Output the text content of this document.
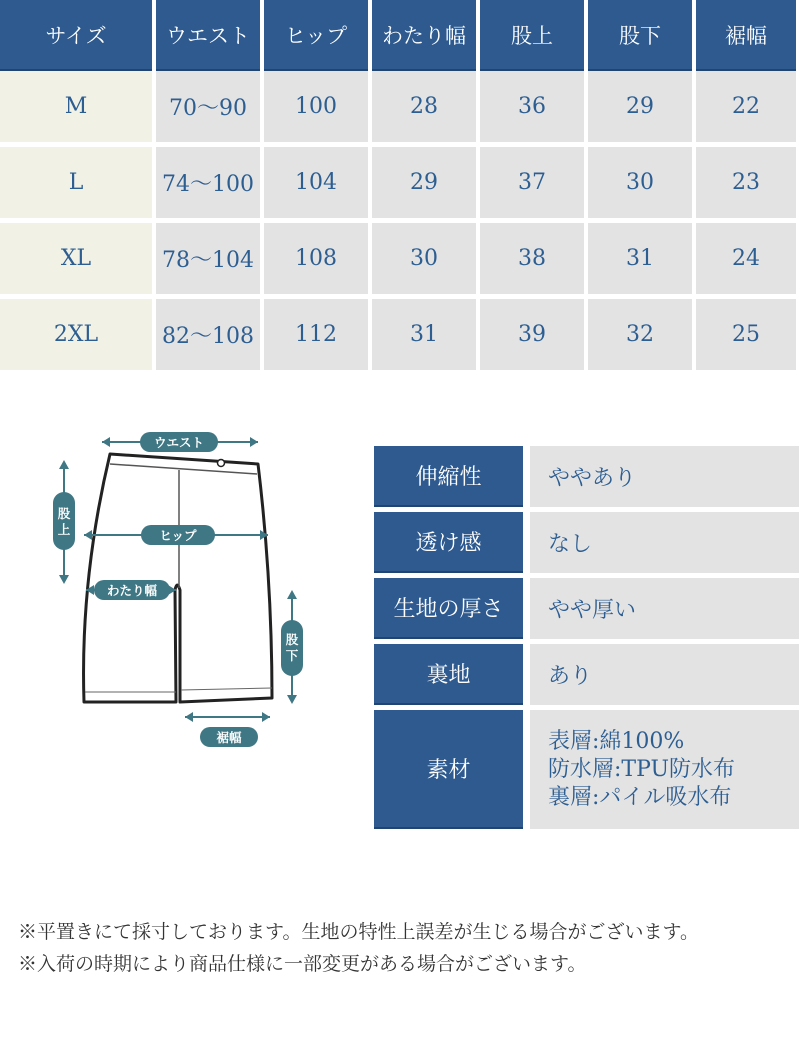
サイズ	ウエスト	ヒップ	わたり幅	股上	股下	裾幅
M	70〜90	100	28	36	29	22
L	74〜100	104	29	37	30	23
XL	78〜104	108	30	38	31	24
2XL	82〜108	112	31	39	32	25
ウエスト
股上	ヒップ
わたり幅
股下
裾幅
伸縮性	ややあり
透け感	なし
生地の厚さ	やや厚い
裏地	あり
素材
表層:綿100%
防水層:TPU防水布
裏層:パイル吸水布
※平置きにて採寸しております。生地の特性上誤差が生じる場合がございます。
※入荷の時期により商品仕様に一部変更がある場合がございます。
